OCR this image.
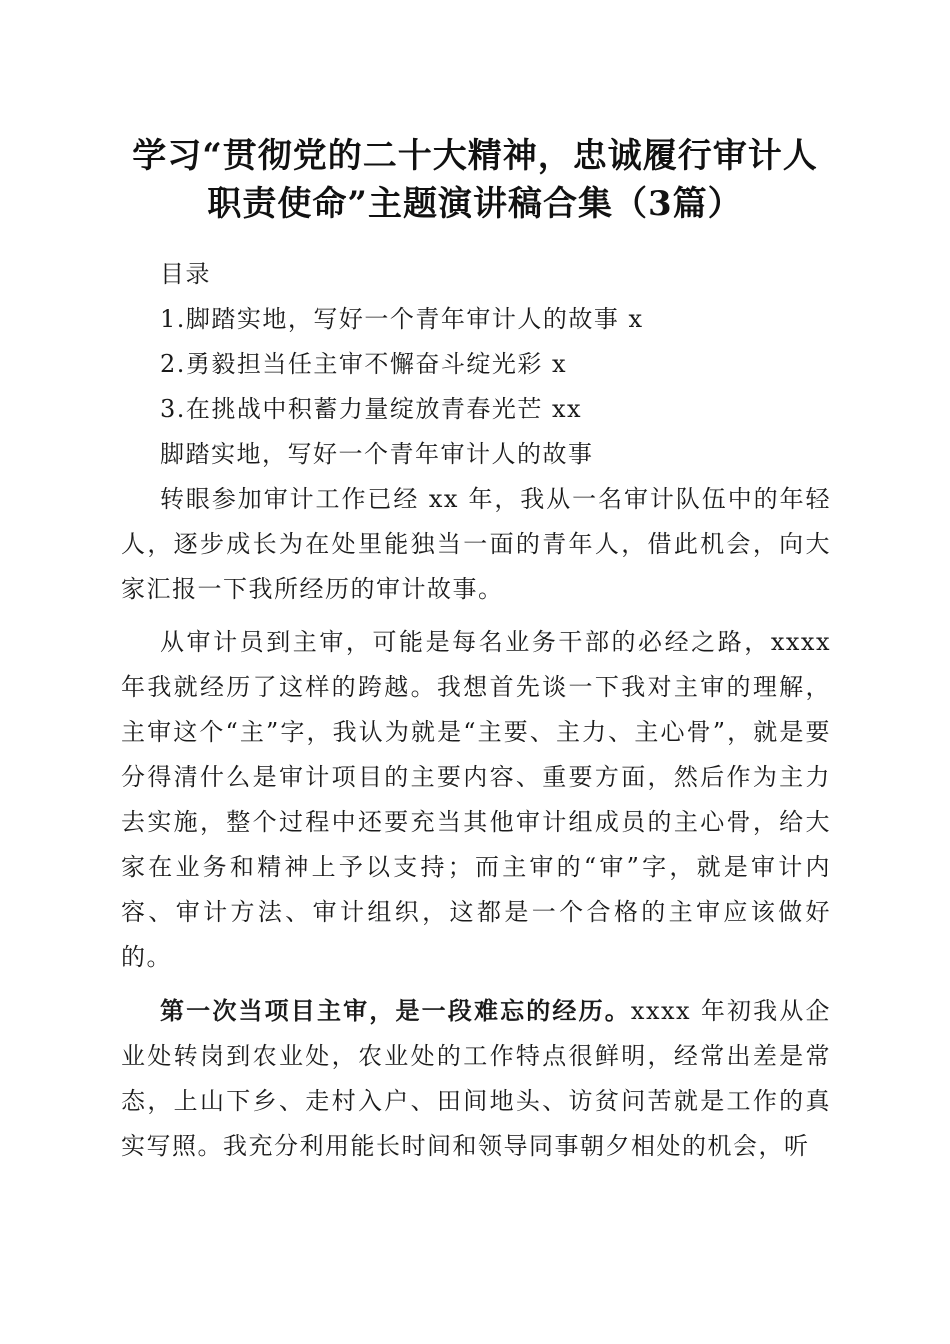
学习“贯彻党的二十大精神，忠诚履行审计人
职责使命”主题演讲稿合集（3篇）

目录

1.脚踏实地，写好一个青年审计人的故事 x

2.勇毅担当任主审不懈奋斗绽光彩 x

3.在挑战中积蓄力量绽放青春光芒 xx

脚踏实地，写好一个青年审计人的故事

转眼参加审计工作已经 xx 年，我从一名审计队伍中的年轻人，逐步成长为在处里能独当一面的青年人，借此机会，向大家汇报一下我所经历的审计故事。

从审计员到主审，可能是每名业务干部的必经之路，xxxx 年我就经历了这样的跨越。我想首先谈一下我对主审的理解，主审这个“主”字，我认为就是“主要、主力、主心骨”，就是要分得清什么是审计项目的主要内容、重要方面，然后作为主力去实施，整个过程中还要充当其他审计组成员的主心骨，给大家在业务和精神上予以支持；而主审的“审”字，就是审计内容、审计方法、审计组织，这都是一个合格的主审应该做好的。

第一次当项目主审，是一段难忘的经历。xxxx 年初我从企业处转岗到农业处，农业处的工作特点很鲜明，经常出差是常态，上山下乡、走村入户、田间地头、访贫问苦就是工作的真实写照。我充分利用能长时间和领导同事朝夕相处的机会，听
